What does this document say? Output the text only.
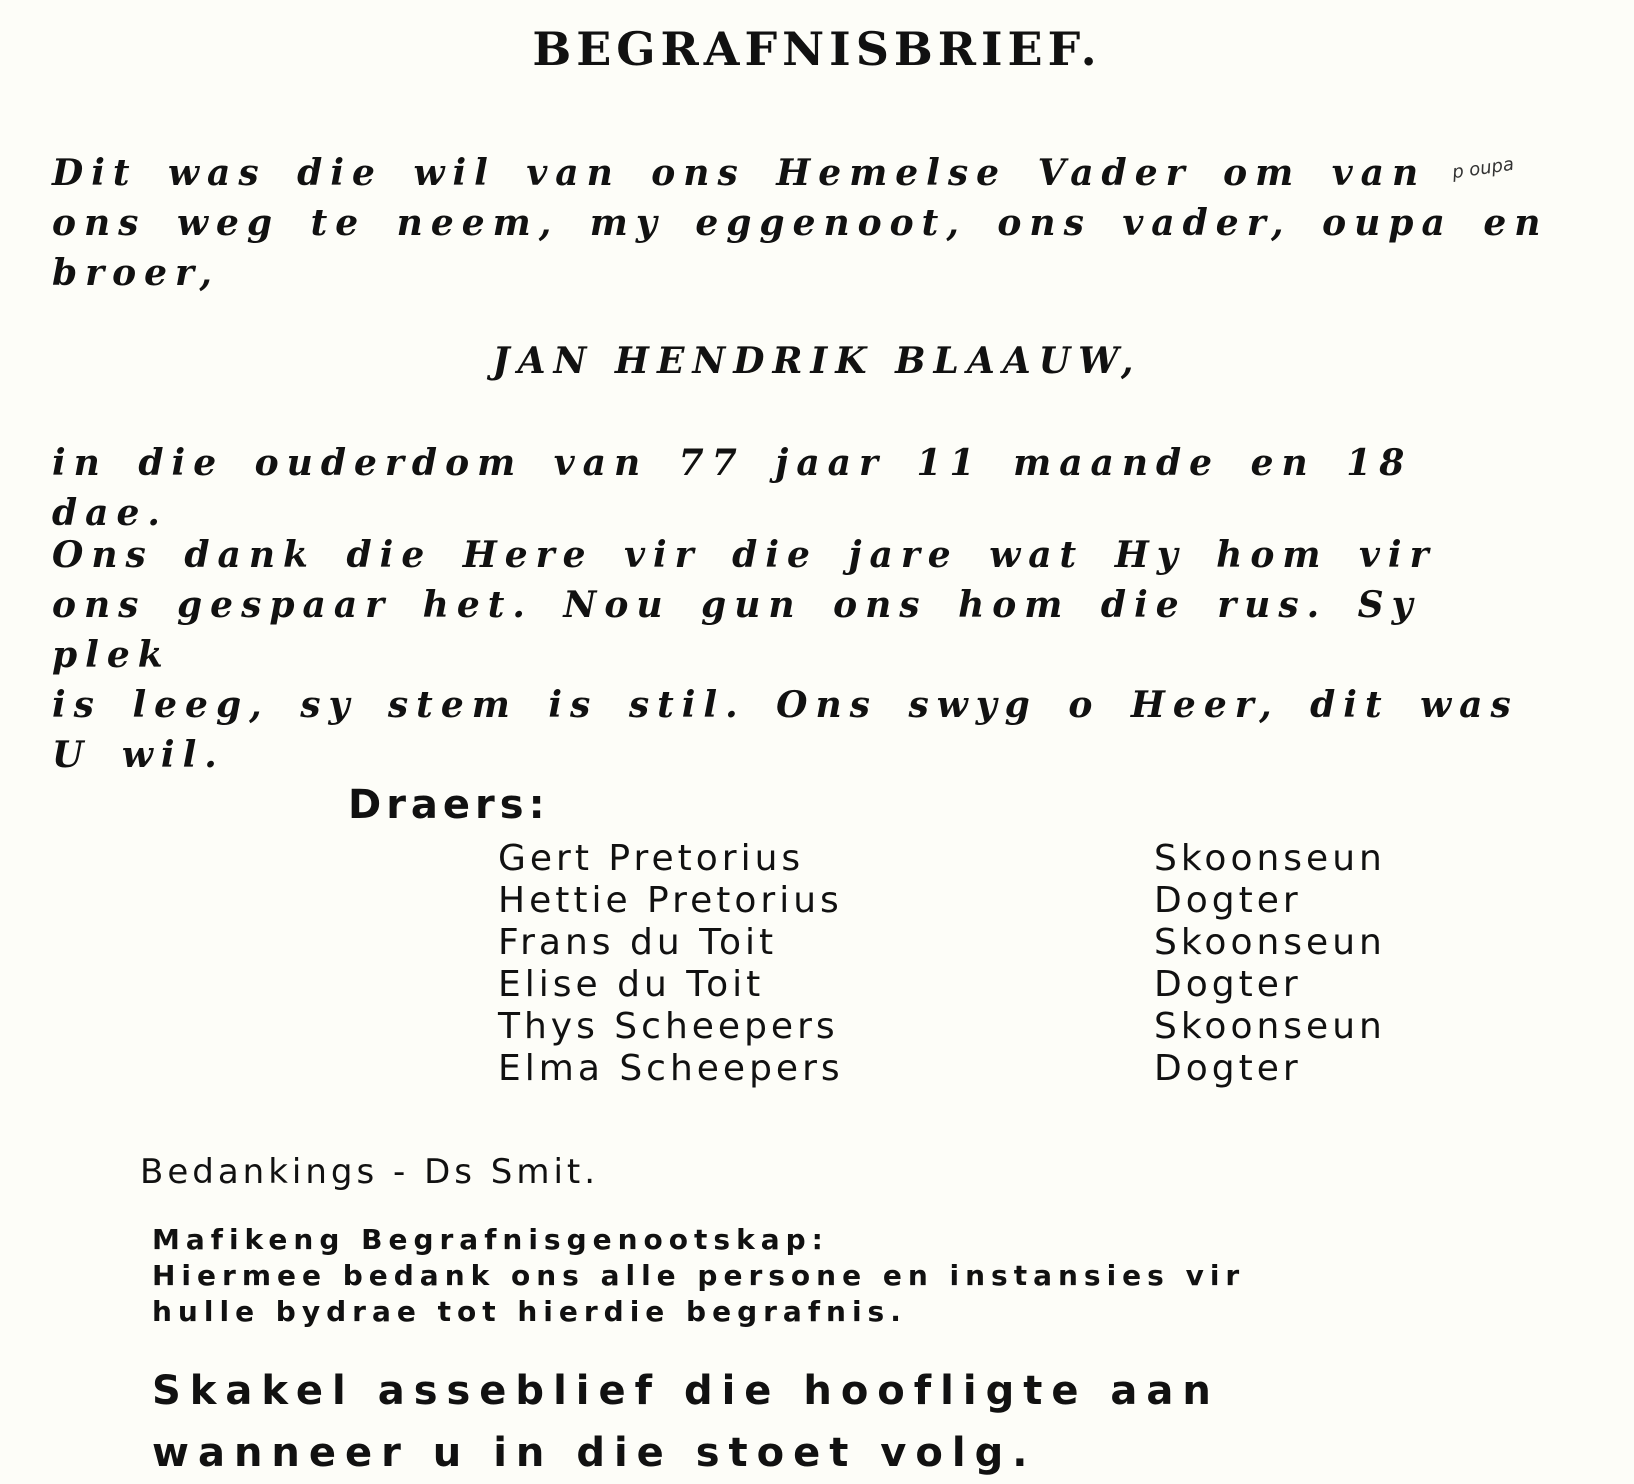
BEGRAFNISBRIEF.
Dit was die wil van ons Hemelse Vader om van
ons weg te neem, my eggenoot, ons vader, oupa en
broer,
p oupa
JAN HENDRIK BLAAUW,
in die ouderdom van 77 jaar 11 maande en 18 dae.
Ons dank die Here vir die jare wat Hy hom vir
ons gespaar het. Nou gun ons hom die rus. Sy plek
is leeg, sy stem is stil. Ons swyg o Heer, dit was
U wil.
Draers:
Gert Pretorius	Skoonseun
Hettie Pretorius	Dogter
Frans du Toit	Skoonseun
Elise du Toit	Dogter
Thys Scheepers	Skoonseun
Elma Scheepers	Dogter
Bedankings - Ds Smit.
Mafikeng Begrafnisgenootskap:
Hiermee bedank ons alle persone en instansies vir
hulle bydrae tot hierdie begrafnis.
Skakel asseblief die hoofligte aan
wanneer u in die stoet volg.
